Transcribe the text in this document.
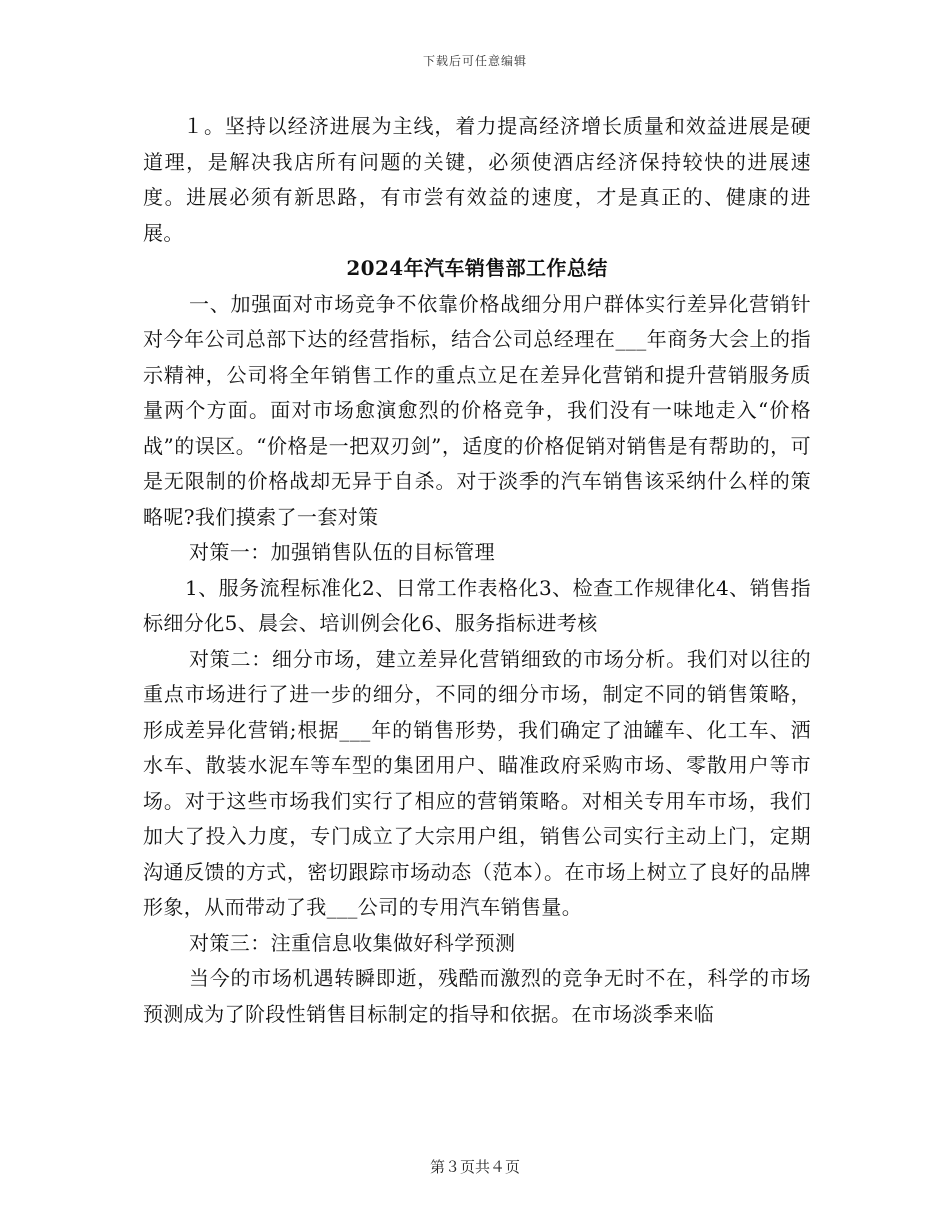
下载后可任意编辑

１。坚持以经济进展为主线，着力提高经济增长质量和效益进展是硬道理，是解决我店所有问题的关键，必须使酒店经济保持较快的进展速度。进展必须有新思路，有市尝有效益的速度，才是真正的、健康的进展。

2024年汽车销售部工作总结

一、加强面对市场竞争不依靠价格战细分用户群体实行差异化营销针对今年公司总部下达的经营指标，结合公司总经理在___年商务大会上的指示精神，公司将全年销售工作的重点立足在差异化营销和提升营销服务质量两个方面。面对市场愈演愈烈的价格竞争，我们没有一味地走入“价格战”的误区。“价格是一把双刃剑”，适度的价格促销对销售是有帮助的，可是无限制的价格战却无异于自杀。对于淡季的汽车销售该采纳什么样的策略呢?我们摸索了一套对策

对策一：加强销售队伍的目标管理

1、服务流程标准化2、日常工作表格化3、检查工作规律化4、销售指标细分化5、晨会、培训例会化6、服务指标进考核

对策二：细分市场，建立差异化营销细致的市场分析。我们对以往的重点市场进行了进一步的细分，不同的细分市场，制定不同的销售策略，形成差异化营销;根据___年的销售形势，我们确定了油罐车、化工车、洒水车、散装水泥车等车型的集团用户、瞄准政府采购市场、零散用户等市场。对于这些市场我们实行了相应的营销策略。对相关专用车市场，我们加大了投入力度，专门成立了大宗用户组，销售公司实行主动上门，定期沟通反馈的方式，密切跟踪市场动态（范本）。在市场上树立了良好的品牌形象，从而带动了我___公司的专用汽车销售量。

对策三：注重信息收集做好科学预测

当今的市场机遇转瞬即逝，残酷而激烈的竞争无时不在，科学的市场预测成为了阶段性销售目标制定的指导和依据。在市场淡季来临

第３页共４页
